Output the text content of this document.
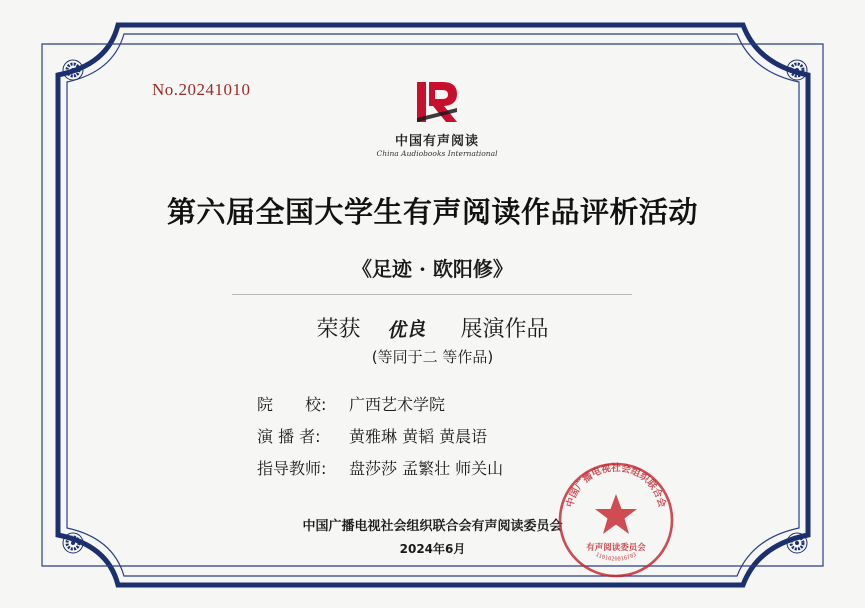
No.20241010
中国有声阅读
China Audiobooks International
第六届全国大学生有声阅读作品评析活动
《足迹 · 欧阳修》
荣获 优良 展演作品
(等同于二 等作品)
院　　校: 广西艺术学院
演 播 者: 黄雅琳 黄韬 黄晨语
指导教师: 盘莎莎 孟繁壮 师关山
中国广播电视社会组织联合会有声阅读委员会
2024年6月
中国广播电视社会组织联合会
有声阅读委员会
1101020016703
